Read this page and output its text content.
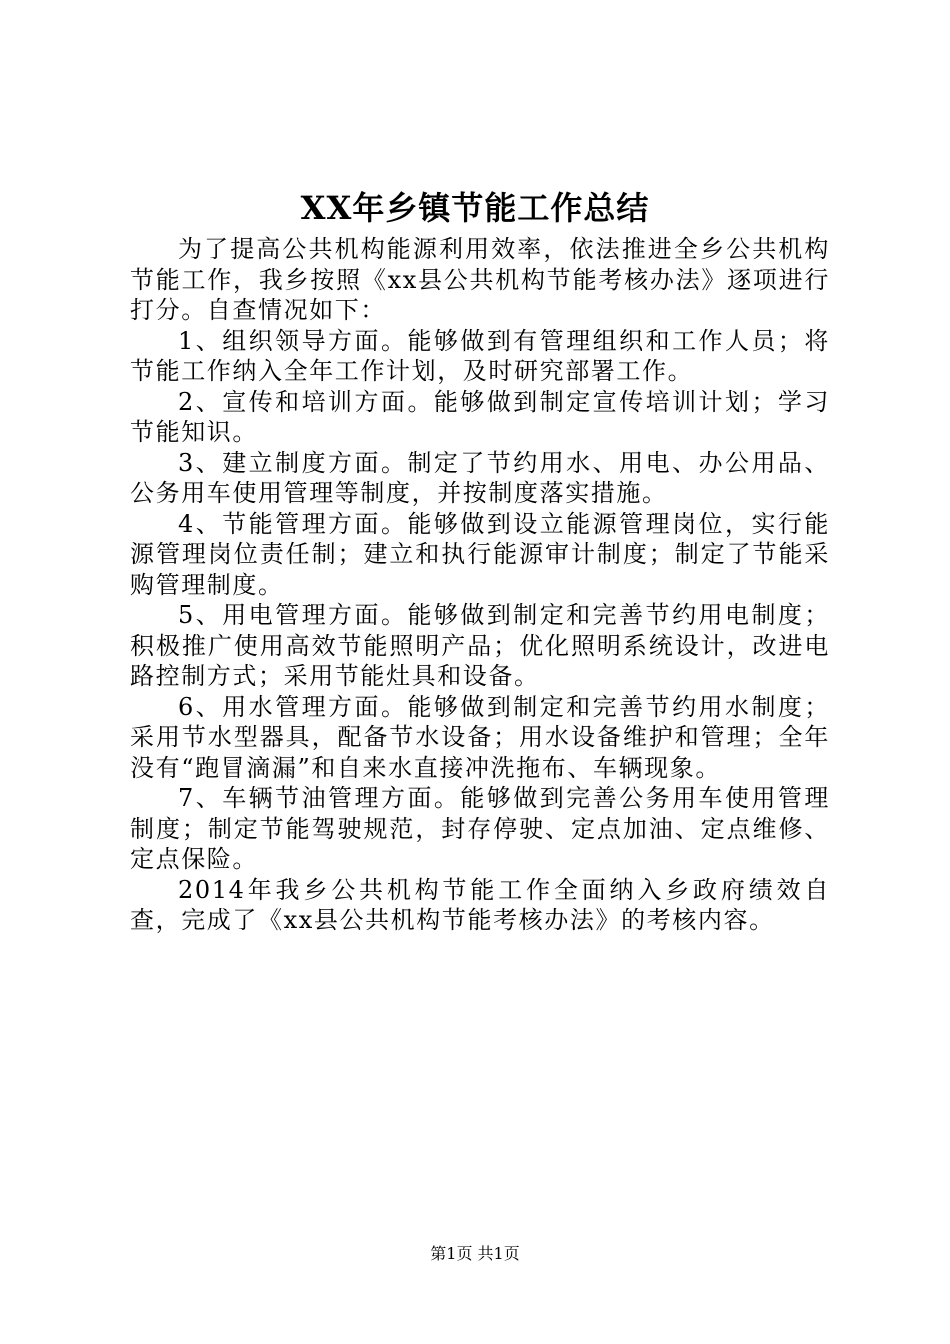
XX年乡镇节能工作总结

为了提高公共机构能源利用效率，依法推进全乡公共机构节能工作，我乡按照《xx县公共机构节能考核办法》逐项进行打分。自查情况如下：

1、组织领导方面。能够做到有管理组织和工作人员；将节能工作纳入全年工作计划，及时研究部署工作。

2、宣传和培训方面。能够做到制定宣传培训计划；学习节能知识。

3、建立制度方面。制定了节约用水、用电、办公用品、公务用车使用管理等制度，并按制度落实措施。

4、节能管理方面。能够做到设立能源管理岗位，实行能源管理岗位责任制；建立和执行能源审计制度；制定了节能采购管理制度。

5、用电管理方面。能够做到制定和完善节约用电制度；积极推广使用高效节能照明产品；优化照明系统设计，改进电路控制方式；采用节能灶具和设备。

6、用水管理方面。能够做到制定和完善节约用水制度；采用节水型器具，配备节水设备；用水设备维护和管理；全年没有“跑冒滴漏”和自来水直接冲洗拖布、车辆现象。

7、车辆节油管理方面。能够做到完善公务用车使用管理制度；制定节能驾驶规范，封存停驶、定点加油、定点维修、定点保险。

2014年我乡公共机构节能工作全面纳入乡政府绩效自查，完成了《xx县公共机构节能考核办法》的考核内容。

第1页 共1页
